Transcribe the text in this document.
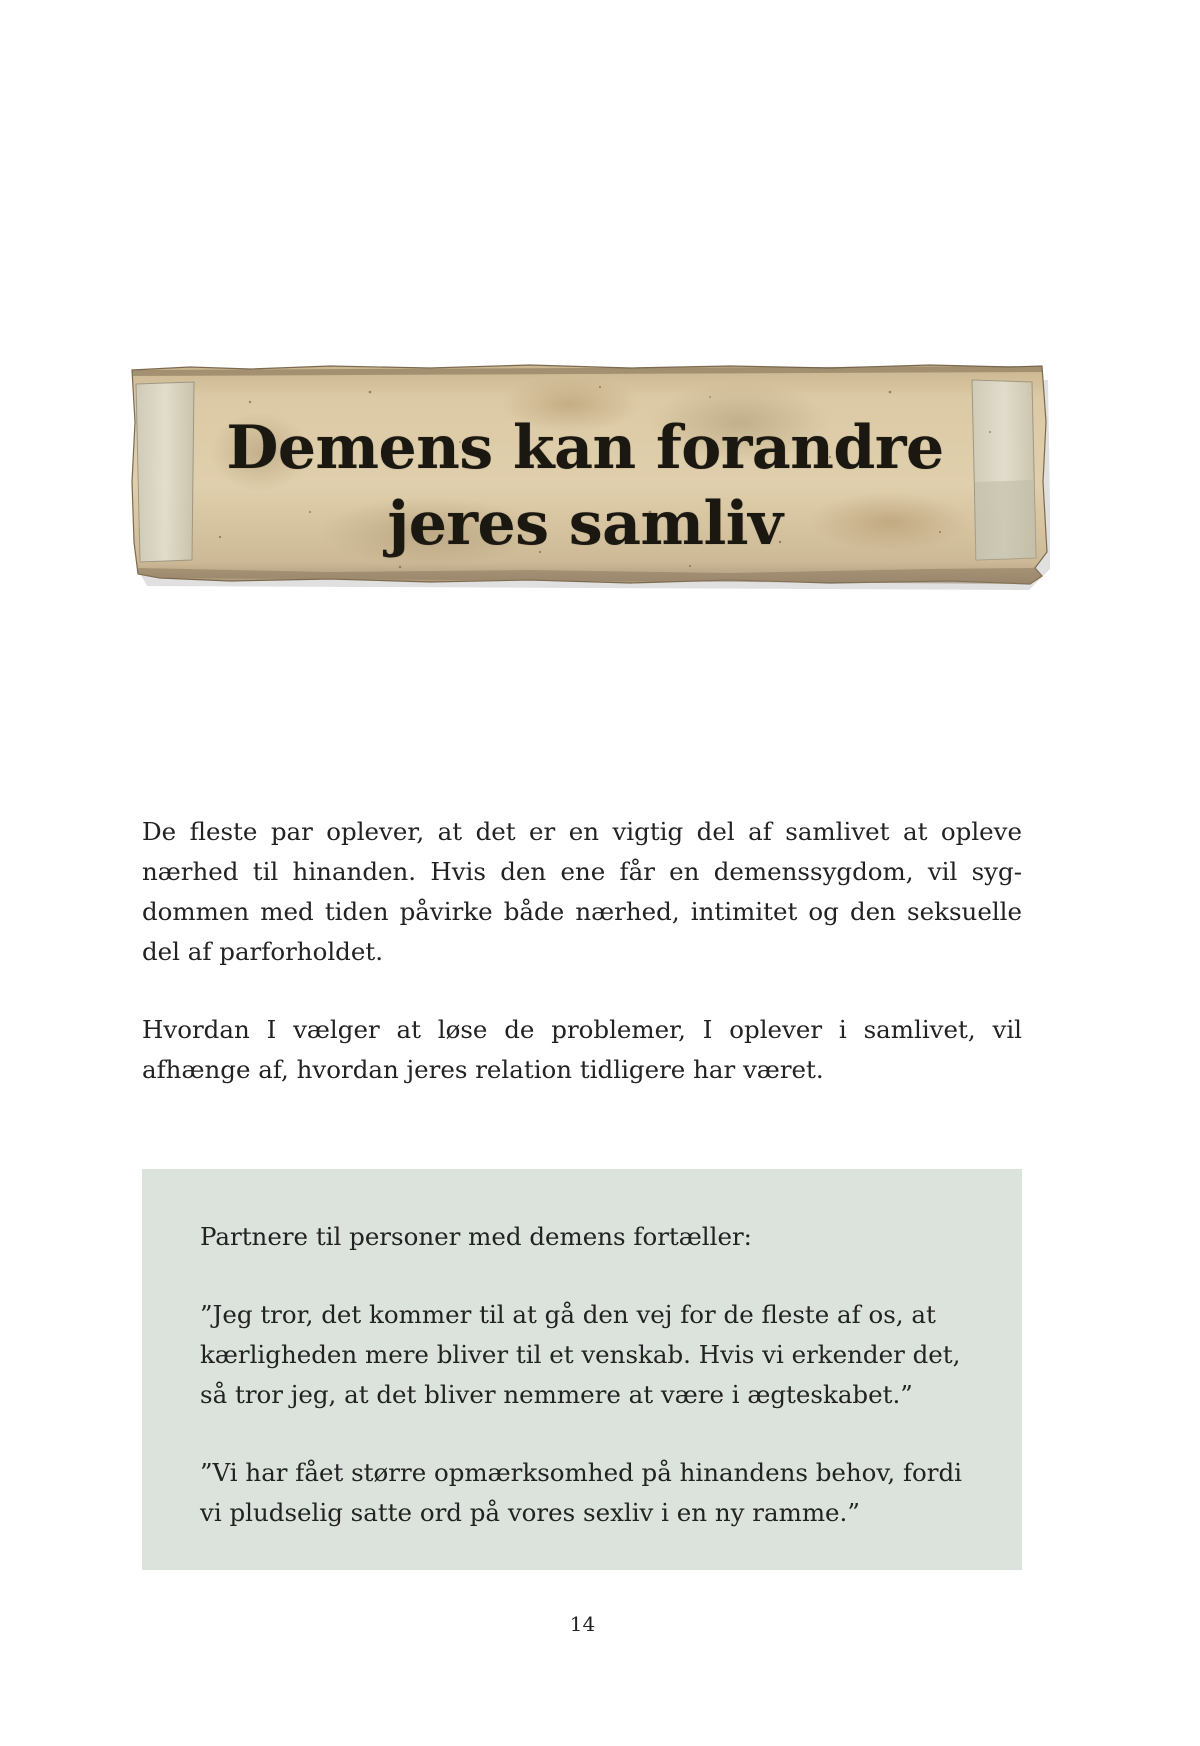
Demens kan forandre
jeres samliv

De fleste par oplever, at det er en vigtig del af samlivet at opleve nærhed til hinanden. Hvis den ene får en demenssygdom, vil sygdommen med tiden påvirke både nærhed, intimitet og den seksuelle del af parforholdet.

Hvordan I vælger at løse de problemer, I oplever i samlivet, vil afhænge af, hvordan jeres relation tidligere har været.

Partnere til personer med demens fortæller:

”Jeg tror, det kommer til at gå den vej for de fleste af os, at kærligheden mere bliver til et venskab. Hvis vi erkender det, så tror jeg, at det bliver nemmere at være i ægteskabet.”

”Vi har fået større opmærksomhed på hinandens behov, fordi vi pludselig satte ord på vores sexliv i en ny ramme.”

14
